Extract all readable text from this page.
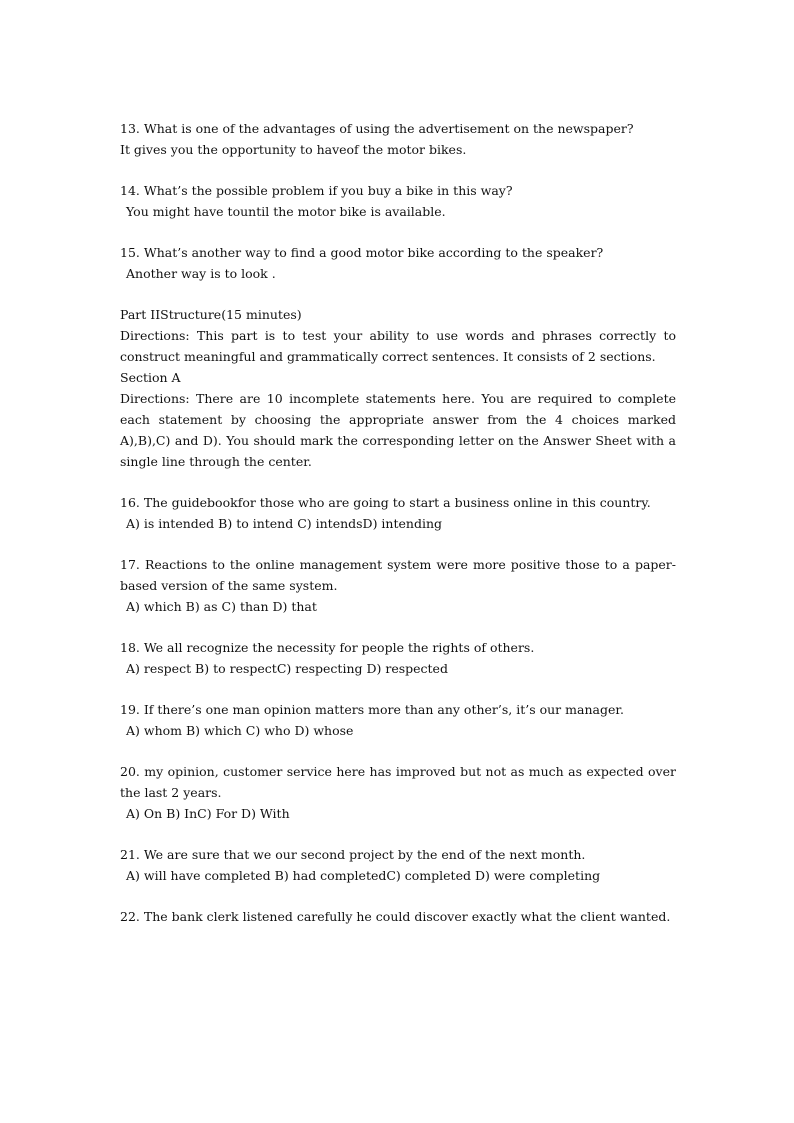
13. What is one of the advantages of using the advertisement on the newspaper?

It gives you the opportunity to haveof the motor bikes.

14. What’s the possible problem if you buy a bike in this way?

You might have tountil the motor bike is available.

15. What’s another way to find a good motor bike according to the speaker?

Another way is to look .

Part IIStructure(15 minutes)

Directions: This part is to test your ability to use words and phrases correctly to construct meaningful and grammatically correct sentences. It consists of 2 sections.

Section A

Directions: There are 10 incomplete statements here. You are required to complete each statement by choosing the appropriate answer from the 4 choices marked A),B),C) and D). You should mark the corresponding letter on the Answer Sheet with a single line through the center.

16. The guidebookfor those who are going to start a business online in this country.

A) is intended B) to intend C) intendsD) intending

17. Reactions to the online management system were more positive those to a paper-based version of the same system.

A) which B) as C) than D) that

18. We all recognize the necessity for people the rights of others.

A) respect B) to respectC) respecting D) respected

19. If there’s one man opinion matters more than any other’s, it’s our manager.

A) whom B) which C) who D) whose

20. my opinion, customer service here has improved but not as much as expected over the last 2 years.

A) On B) InC) For D) With

21. We are sure that we our second project by the end of the next month.

A) will have completed B) had completedC) completed D) were completing

22. The bank clerk listened carefully he could discover exactly what the client wanted.
